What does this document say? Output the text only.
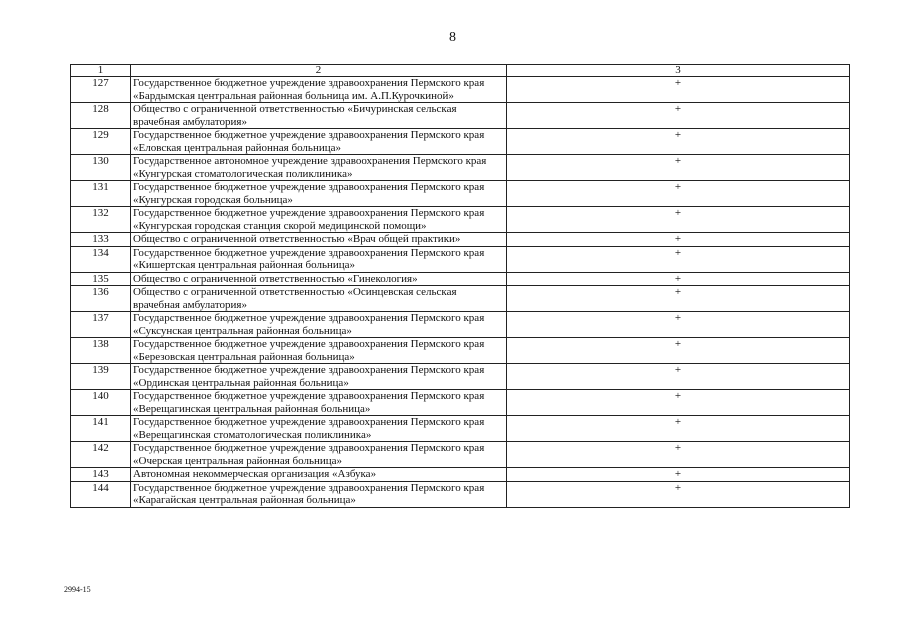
8
1	2	3
127	Государственное бюджетное учреждение здравоохранения Пермского края «Бардымская центральная районная больница им. А.П.Курочкиной»	+
128	Общество с ограниченной ответственностью «Бичуринская сельская врачебная амбулатория»	+
129	Государственное бюджетное учреждение здравоохранения Пермского края «Еловская центральная районная больница»	+
130	Государственное автономное учреждение здравоохранения Пермского края «Кунгурская стоматологическая поликлиника»	+
131	Государственное бюджетное учреждение здравоохранения Пермского края «Кунгурская городская больница»	+
132	Государственное бюджетное учреждение здравоохранения Пермского края «Кунгурская городская станция скорой медицинской помощи»	+
133	Общество с ограниченной ответственностью «Врач общей практики»	+
134	Государственное бюджетное учреждение здравоохранения Пермского края «Кишертская центральная районная больница»	+
135	Общество с ограниченной ответственностью «Гинекология»	+
136	Общество с ограниченной ответственностью «Осинцевская сельская врачебная амбулатория»	+
137	Государственное бюджетное учреждение здравоохранения Пермского края «Суксунская центральная районная больница»	+
138	Государственное бюджетное учреждение здравоохранения Пермского края «Березовская центральная районная больница»	+
139	Государственное бюджетное учреждение здравоохранения Пермского края «Ординская центральная районная больница»	+
140	Государственное бюджетное учреждение здравоохранения Пермского края «Верещагинская центральная районная больница»	+
141	Государственное бюджетное учреждение здравоохранения Пермского края «Верещагинская стоматологическая поликлиника»	+
142	Государственное бюджетное учреждение здравоохранения Пермского края «Очерская центральная районная больница»	+
143	Автономная некоммерческая организация «Азбука»	+
144	Государственное бюджетное учреждение здравоохранения Пермского края «Карагайская центральная районная больница»	+
2994-15
